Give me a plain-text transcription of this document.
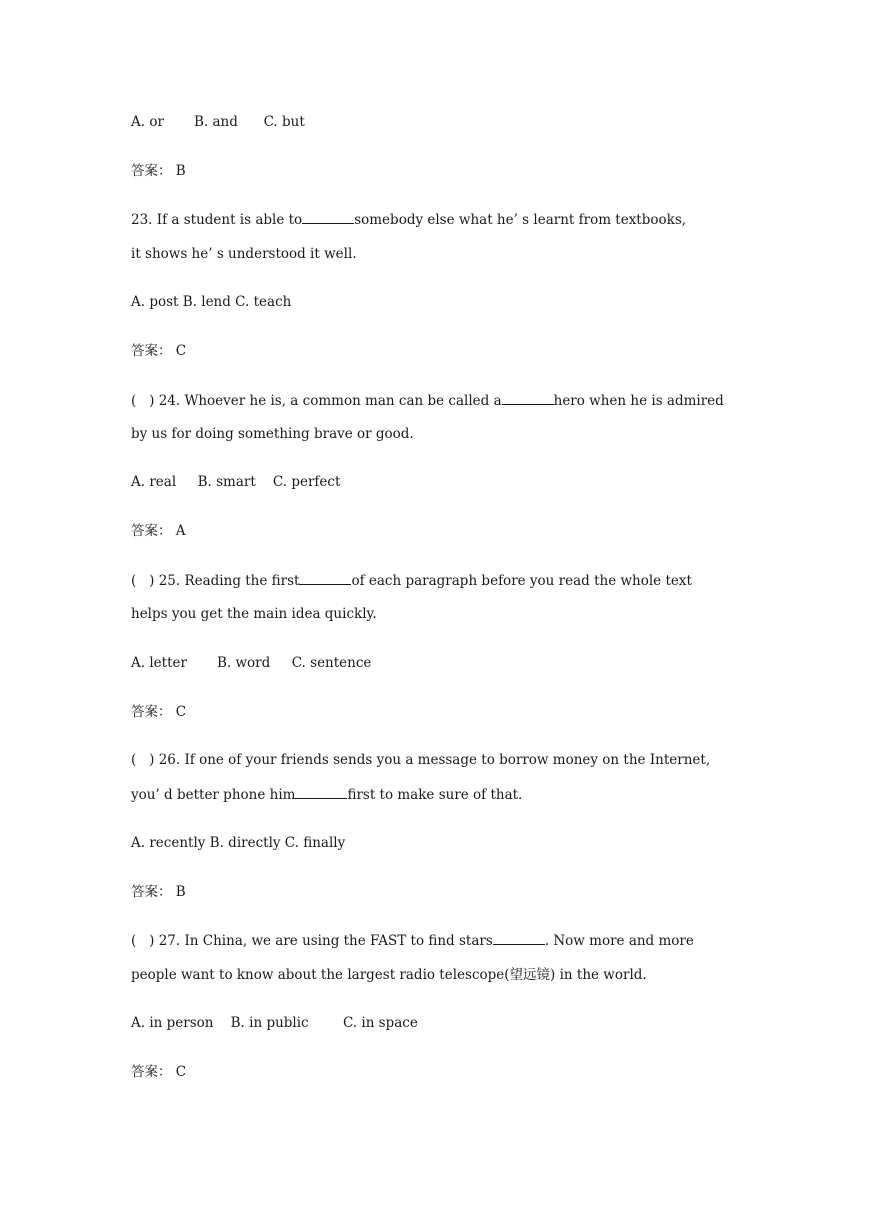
A. or       B. and      C. but
答案： B
23. If a student is able to	somebody else what he’ s learnt from textbooks,
it shows he’ s understood it well.
A. post B. lend C. teach
答案： C
(   ) 24. Whoever he is, a common man can be called a	hero when he is admired
by us for doing something brave or good.
A. real     B. smart    C. perfect
答案： A
(   ) 25. Reading the first	of each paragraph before you read the whole text
helps you get the main idea quickly.
A. letter       B. word     C. sentence
答案： C
(   ) 26. If one of your friends sends you a message to borrow money on the Internet,
you’ d better phone him	first to make sure of that.
A. recently B. directly C. finally
答案： B
(   ) 27. In China, we are using the FAST to find stars	. Now more and more
people want to know about the largest radio telescope(望远镜) in the world.
A. in person    B. in public        C. in space
答案： C
